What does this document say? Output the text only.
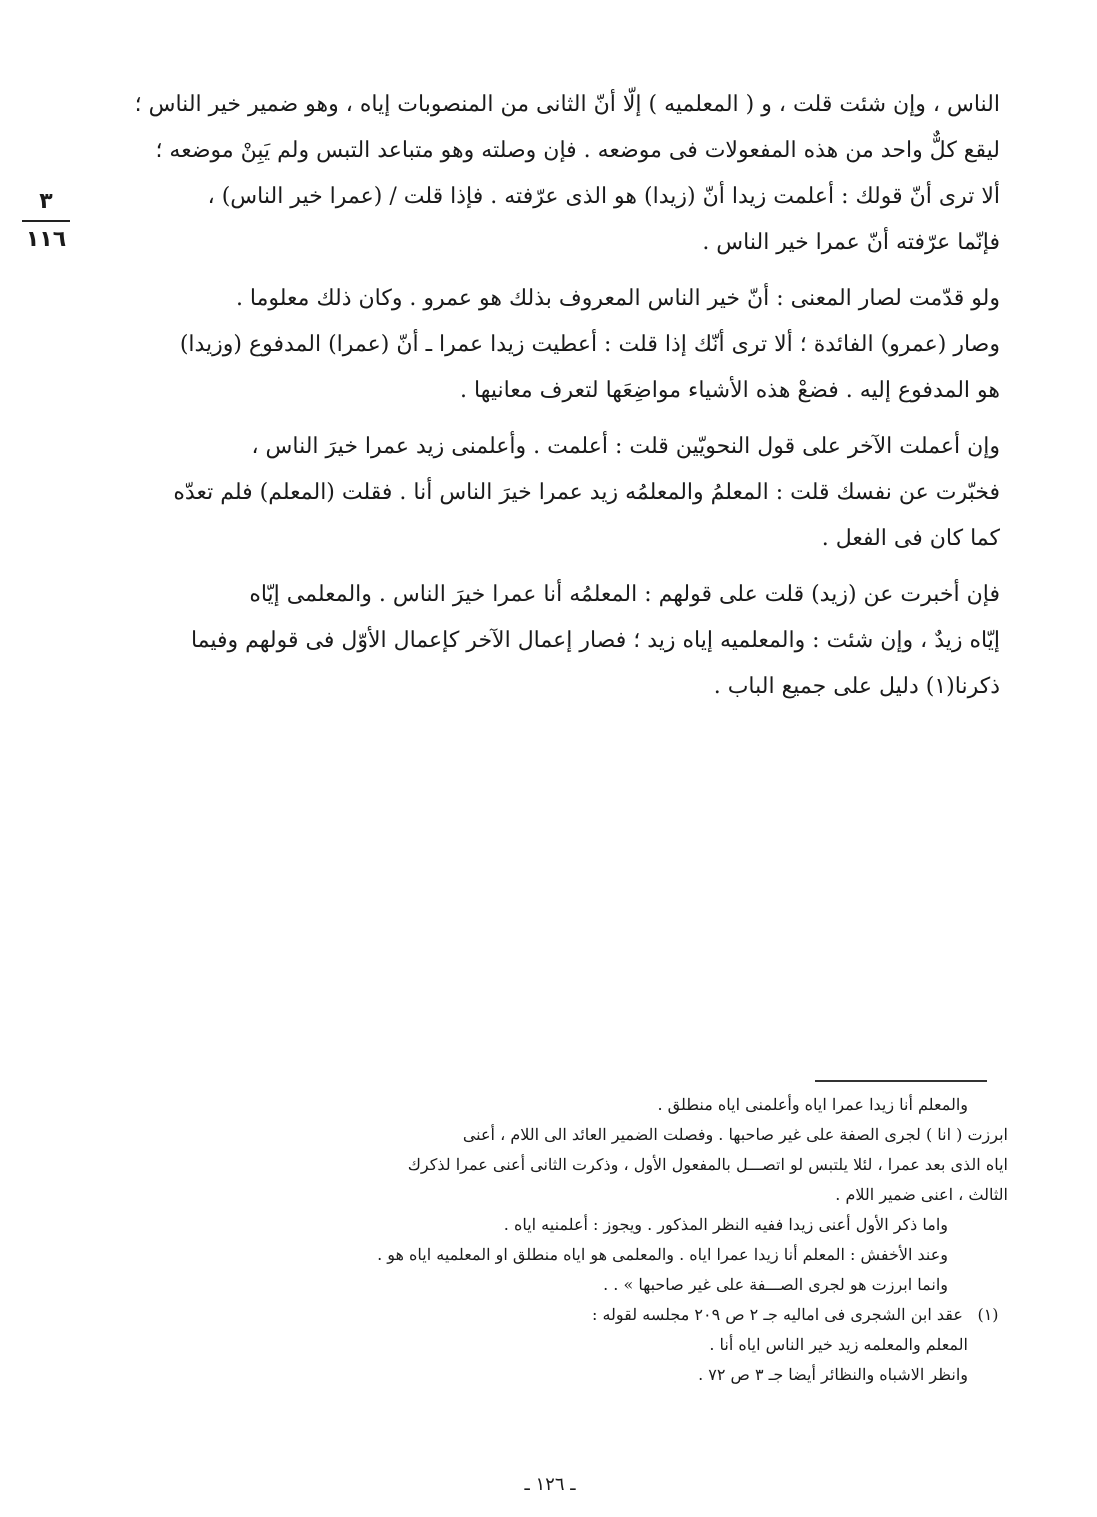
٣
١١٦
الناس ، وإن شئت قلت ، و ( المعلميه ) إلّا أنّ الثانى من المنصوبات إياه ، وهو ضمير خير الناس ؛
ليقع كلٌّ واحد من هذه المفعولات فى موضعه . فإن وصلته وهو متباعد التبس ولم يَبِنْ موضعه ؛
ألا ترى أنّ قولك : أعلمت زيدا أنّ (زيدا) هو الذى عرّفته . فإذا قلت / (عمرا خير الناس) ،
فإنّما عرّفته أنّ عمرا خير الناس .
ولو قدّمت لصار المعنى : أنّ خير الناس المعروف بذلك هو عمرو . وكان ذلك معلوما .
وصار (عمرو) الفائدة ؛ ألا ترى أنّك إذا قلت : أعطيت زيدا عمرا ـ أنّ (عمرا) المدفوع (وزيدا)
هو المدفوع إليه . فضعْ هذه الأشياء مواضِعَها لتعرف معانيها .
وإن أعملت الآخر على قول النحويّين قلت : أعلمت . وأعلمنى زيد عمرا خيرَ الناس ،
فخبّرت عن نفسك قلت : المعلمُ والمعلمُه زيد عمرا خيرَ الناس أنا . فقلت (المعلم) فلم تعدّه
كما كان فى الفعل .
فإن أخبرت عن (زيد) قلت على قولهم : المعلمُه أنا عمرا خيرَ الناس . والمعلمى إيّاه
إيّاه زيدٌ ، وإن شئت : والمعلميه إياه زيد ؛ فصار إعمال الآخر كإعمال الأوّل فى قولهم وفيما
ذكرنا(١) دليل على جميع الباب .
والمعلم أنا زيدا عمرا اياه وأعلمنى اياه منطلق .
ابرزت ( انا ) لجرى الصفة على غير صاحبها . وفصلت الضمير العائد الى اللام ، أعنى
اياه الذى بعد عمرا ، لئلا يلتبس لو اتصـــل بالمفعول الأول ، وذكرت الثانى أعنى عمرا لذكرك
الثالث ، اعنى ضمير اللام .
واما ذكر الأول أعنى زيدا ففيه النظر المذكور . ويجوز : أعلمنيه اياه .
وعند الأخفش : المعلم أنا زيدا عمرا اياه . والمعلمى هو اياه منطلق او المعلميه اياه هو .
وانما ابرزت هو لجرى الصـــفة على غير صاحبها » . .
(١) عقد ابن الشجرى فى اماليه جـ ٢ ص ٢٠٩ مجلسه لقوله :
المعلم والمعلمه زيد خير الناس اياه أنا .
وانظر الاشباه والنظائر أيضا جـ ٣ ص ٧٢ .
ـ ١٢٦ ـ
